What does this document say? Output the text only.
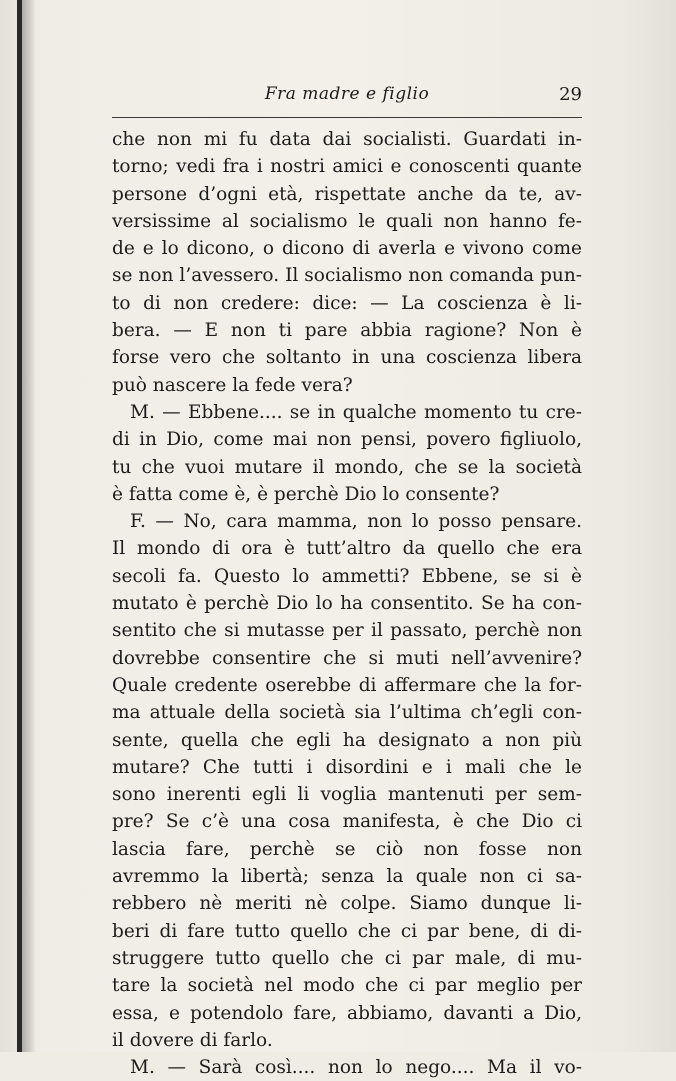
Fra madre e figlio	29
che non mi fu data dai socialisti. Guardati in-
torno; vedi fra i nostri amici e conoscenti quante
persone d’ogni età, rispettate anche da te, av-
versissime al socialismo le quali non hanno fe-
de e lo dicono, o dicono di averla e vivono come
se non l’avessero. Il socialismo non comanda pun-
to di non credere: dice: — La coscienza è li-
bera. — E non ti pare abbia ragione? Non è
forse vero che soltanto in una coscienza libera
può nascere la fede vera?
M. — Ebbene.... se in qualche momento tu cre-
di in Dio, come mai non pensi, povero figliuolo,
tu che vuoi mutare il mondo, che se la società
è fatta come è, è perchè Dio lo consente?
F. — No, cara mamma, non lo posso pensare.
Il mondo di ora è tutt’altro da quello che era
secoli fa. Questo lo ammetti? Ebbene, se si è
mutato è perchè Dio lo ha consentito. Se ha con-
sentito che si mutasse per il passato, perchè non
dovrebbe consentire che si muti nell’avvenire?
Quale credente oserebbe di affermare che la for-
ma attuale della società sia l’ultima ch’egli con-
sente, quella che egli ha designato a non più
mutare? Che tutti i disordini e i mali che le
sono inerenti egli li voglia mantenuti per sem-
pre? Se c’è una cosa manifesta, è che Dio ci
lascia fare, perchè se ciò non fosse non
avremmo la libertà; senza la quale non ci sa-
rebbero nè meriti nè colpe. Siamo dunque li-
beri di fare tutto quello che ci par bene, di di-
struggere tutto quello che ci par male, di mu-
tare la società nel modo che ci par meglio per
essa, e potendolo fare, abbiamo, davanti a Dio,
il dovere di farlo.
M. — Sarà così.... non lo nego.... Ma il vo-
